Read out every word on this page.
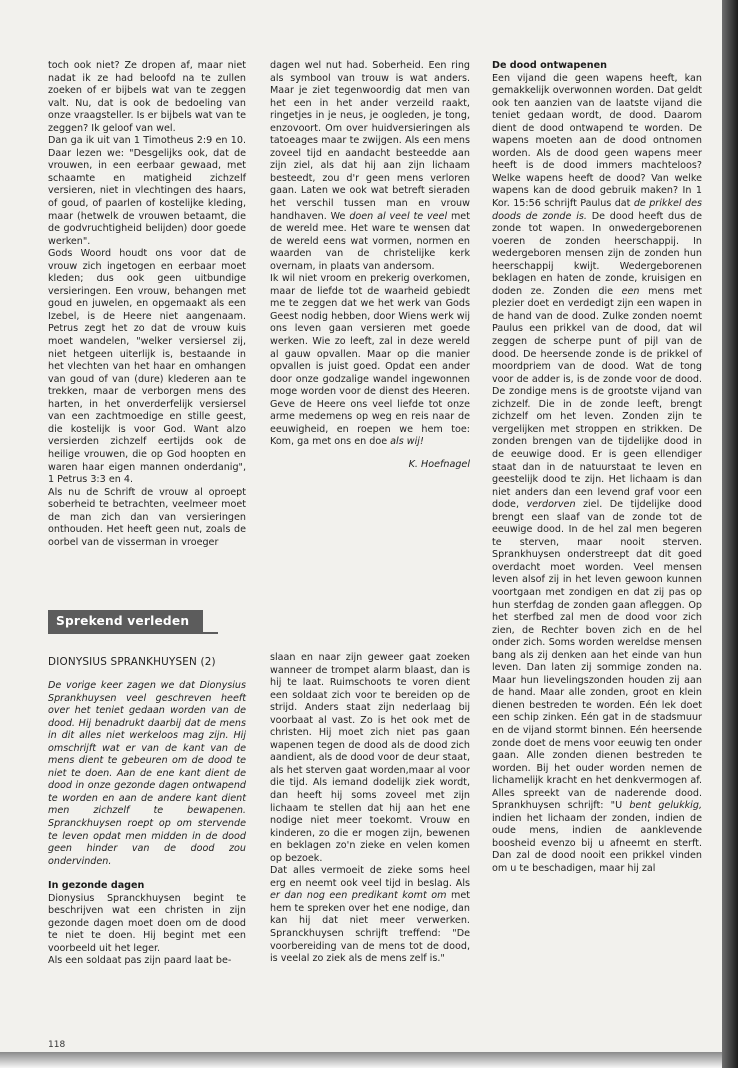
toch ook niet? Ze dropen af, maar niet nadat ik ze had beloofd na te zullen zoeken of er bijbels wat van te zeggen valt. Nu, dat is ook de bedoeling van onze vraagsteller. Is er bijbels wat van te zeggen? Ik geloof van wel.

Dan ga ik uit van 1 Timotheus 2:9 en 10. Daar lezen we: "Desgelijks ook, dat de vrouwen, in een eerbaar gewaad, met schaamte en matigheid zichzelf versieren, niet in vlechtingen des haars, of goud, of paarlen of kostelijke kleding, maar (hetwelk de vrouwen betaamt, die de godvruchtigheid belijden) door goede werken".

Gods Woord houdt ons voor dat de vrouw zich ingetogen en eerbaar moet kleden; dus ook geen uitbundige versieringen. Een vrouw, behangen met goud en juwelen, en opgemaakt als een Izebel, is de Heere niet aangenaam. Petrus zegt het zo dat de vrouw kuis moet wandelen, "welker versiersel zij, niet hetgeen uiterlijk is, bestaande in het vlechten van het haar en omhangen van goud of van (dure) klederen aan te trekken, maar de verborgen mens des harten, in het onverderfelijk versiersel van een zachtmoedige en stille geest, die kostelijk is voor God. Want alzo versierden zichzelf eertijds ook de heilige vrouwen, die op God hoopten en waren haar eigen mannen onderdanig", 1 Petrus 3:3 en 4.

Als nu de Schrift de vrouw al oproept soberheid te betrachten, veelmeer moet de man zich dan van versieringen onthouden. Het heeft geen nut, zoals de oorbel van de visserman in vroeger

dagen wel nut had. Soberheid. Een ring als symbool van trouw is wat anders. Maar je ziet tegenwoordig dat men van het een in het ander verzeild raakt, ringetjes in je neus, je oogleden, je tong, enzovoort. Om over huidversieringen als tatoeages maar te zwijgen. Als een mens zoveel tijd en aandacht besteedde aan zijn ziel, als dat hij aan zijn lichaam besteedt, zou d'r geen mens verloren gaan. Laten we ook wat betreft sieraden het verschil tussen man en vrouw handhaven. We doen al veel te veel met de wereld mee. Het ware te wensen dat de wereld eens wat vormen, normen en waarden van de christelijke kerk overnam, in plaats van andersom.

Ik wil niet vroom en prekerig overkomen, maar de liefde tot de waarheid gebiedt me te zeggen dat we het werk van Gods Geest nodig hebben, door Wiens werk wij ons leven gaan versieren met goede werken. Wie zo leeft, zal in deze wereld al gauw opvallen. Maar op die manier opvallen is juist goed. Opdat een ander door onze godzalige wandel ingewonnen moge worden voor de dienst des Heeren. Geve de Heere ons veel liefde tot onze arme medemens op weg en reis naar de eeuwigheid, en roepen we hem toe: Kom, ga met ons en doe als wij!

K. Hoefnagel

De dood ontwapenen

Een vijand die geen wapens heeft, kan gemakkelijk overwonnen worden. Dat geldt ook ten aanzien van de laatste vijand die teniet gedaan wordt, de dood. Daarom dient de dood ontwapend te worden. De wapens moeten aan de dood ontnomen worden. Als de dood geen wapens meer heeft is de dood immers machteloos? Welke wapens heeft de dood? Van welke wapens kan de dood gebruik maken? In 1 Kor. 15:56 schrijft Paulus dat de prikkel des doods de zonde is. De dood heeft dus de zonde tot wapen. In onwedergeborenen voeren de zonden heerschappij. In wedergeboren mensen zijn de zonden hun heerschappij kwijt. Wedergeborenen beklagen en haten de zonde, kruisigen en doden ze. Zonden die een mens met plezier doet en verdedigt zijn een wapen in de hand van de dood. Zulke zonden noemt Paulus een prikkel van de dood, dat wil zeggen de scherpe punt of pijl van de dood. De heersende zonde is de prikkel of moordpriem van de dood. Wat de tong voor de adder is, is de zonde voor de dood. De zondige mens is de grootste vijand van zichzelf. Die in de zonde leeft, brengt zichzelf om het leven. Zonden zijn te vergelijken met stroppen en strikken. De zonden brengen van de tijdelijke dood in de eeuwige dood. Er is geen ellendiger staat dan in de natuurstaat te leven en geestelijk dood te zijn. Het lichaam is dan niet anders dan een levend graf voor een dode, verdorven ziel. De tijdelijke dood brengt een slaaf van de zonde tot de eeuwige dood. In de hel zal men begeren te sterven, maar nooit sterven. Sprankhuysen onderstreept dat dit goed overdacht moet worden. Veel mensen leven alsof zij in het leven gewoon kunnen voortgaan met zondigen en dat zij pas op hun sterfdag de zonden gaan afleggen. Op het sterfbed zal men de dood voor zich zien, de Rechter boven zich en de hel onder zich. Soms worden wereldse mensen bang als zij denken aan het einde van hun leven. Dan laten zij sommige zonden na. Maar hun lievelingszonden houden zij aan de hand. Maar alle zonden, groot en klein dienen bestreden te worden. Eén lek doet een schip zinken. Eén gat in de stadsmuur en de vijand stormt binnen. Eén heersende zonde doet de mens voor eeuwig ten onder gaan. Alle zonden dienen bestreden te worden. Bij het ouder worden nemen de lichamelijk kracht en het denkvermogen af. Alles spreekt van de naderende dood. Sprankhuysen schrijft: "U bent gelukkig, indien het lichaam der zonden, indien de oude mens, indien de aanklevende boosheid evenzo bij u afneemt en sterft. Dan zal de dood nooit een prikkel vinden om u te beschadigen, maar hij zal

Sprekend verleden
DIONYSIUS SPRANKHUYSEN (2)

De vorige keer zagen we dat Dionysius Sprankhuysen veel geschreven heeft over het teniet gedaan worden van de dood. Hij benadrukt daarbij dat de mens in dit alles niet werkeloos mag zijn. Hij omschrijft wat er van de kant van de mens dient te gebeuren om de dood te niet te doen. Aan de ene kant dient de dood in onze gezonde dagen ontwapend te worden en aan de andere kant dient men zichzelf te bewapenen. Spranckhuysen roept op om stervende te leven opdat men midden in de dood geen hinder van de dood zou ondervinden.

In gezonde dagen

Dionysius Spranckhuysen begint te beschrijven wat een christen in zijn gezonde dagen moet doen om de dood te niet te doen. Hij begint met een voorbeeld uit het leger.

Als een soldaat pas zijn paard laat be-

slaan en naar zijn geweer gaat zoeken wanneer de trompet alarm blaast, dan is hij te laat. Ruimschoots te voren dient een soldaat zich voor te bereiden op de strijd. Anders staat zijn nederlaag bij voorbaat al vast. Zo is het ook met de christen. Hij moet zich niet pas gaan wapenen tegen de dood als de dood zich aandient, als de dood voor de deur staat, als het sterven gaat worden,maar al voor die tijd. Als iemand dodelijk ziek wordt, dan heeft hij soms zoveel met zijn lichaam te stellen dat hij aan het ene nodige niet meer toekomt. Vrouw en kinderen, zo die er mogen zijn, bewenen en beklagen zo'n zieke en velen komen op bezoek.

Dat alles vermoeit de zieke soms heel erg en neemt ook veel tijd in beslag. Als er dan nog een predikant komt om met hem te spreken over het ene nodige, dan kan hij dat niet meer verwerken. Spranckhuysen schrijft treffend: "De voorbereiding van de mens tot de dood, is veelal zo ziek als de mens zelf is."

118
